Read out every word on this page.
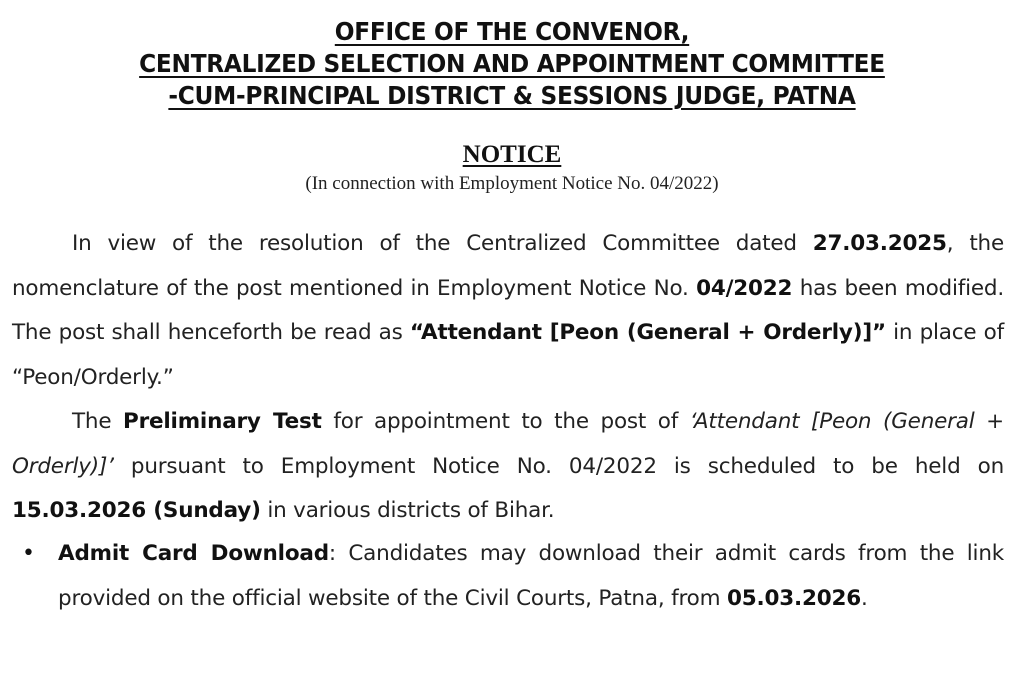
OFFICE OF THE CONVENOR,
CENTRALIZED SELECTION AND APPOINTMENT COMMITTEE
-CUM-PRINCIPAL DISTRICT & SESSIONS JUDGE, PATNA
NOTICE
(In connection with Employment Notice No. 04/2022)
In view of the resolution of the Centralized Committee dated 27.03.2025, the nomenclature of the post mentioned in Employment Notice No. 04/2022 has been modified. The post shall henceforth be read as “Attendant [Peon (General + Orderly)]” in place of “Peon/Orderly.”
The Preliminary Test for appointment to the post of ‘Attendant [Peon (General + Orderly)]’ pursuant to Employment Notice No. 04/2022 is scheduled to be held on 15.03.2026 (Sunday) in various districts of Bihar.
•	Admit Card Download: Candidates may download their admit cards from the link provided on the official website of the Civil Courts, Patna, from 05.03.2026.
